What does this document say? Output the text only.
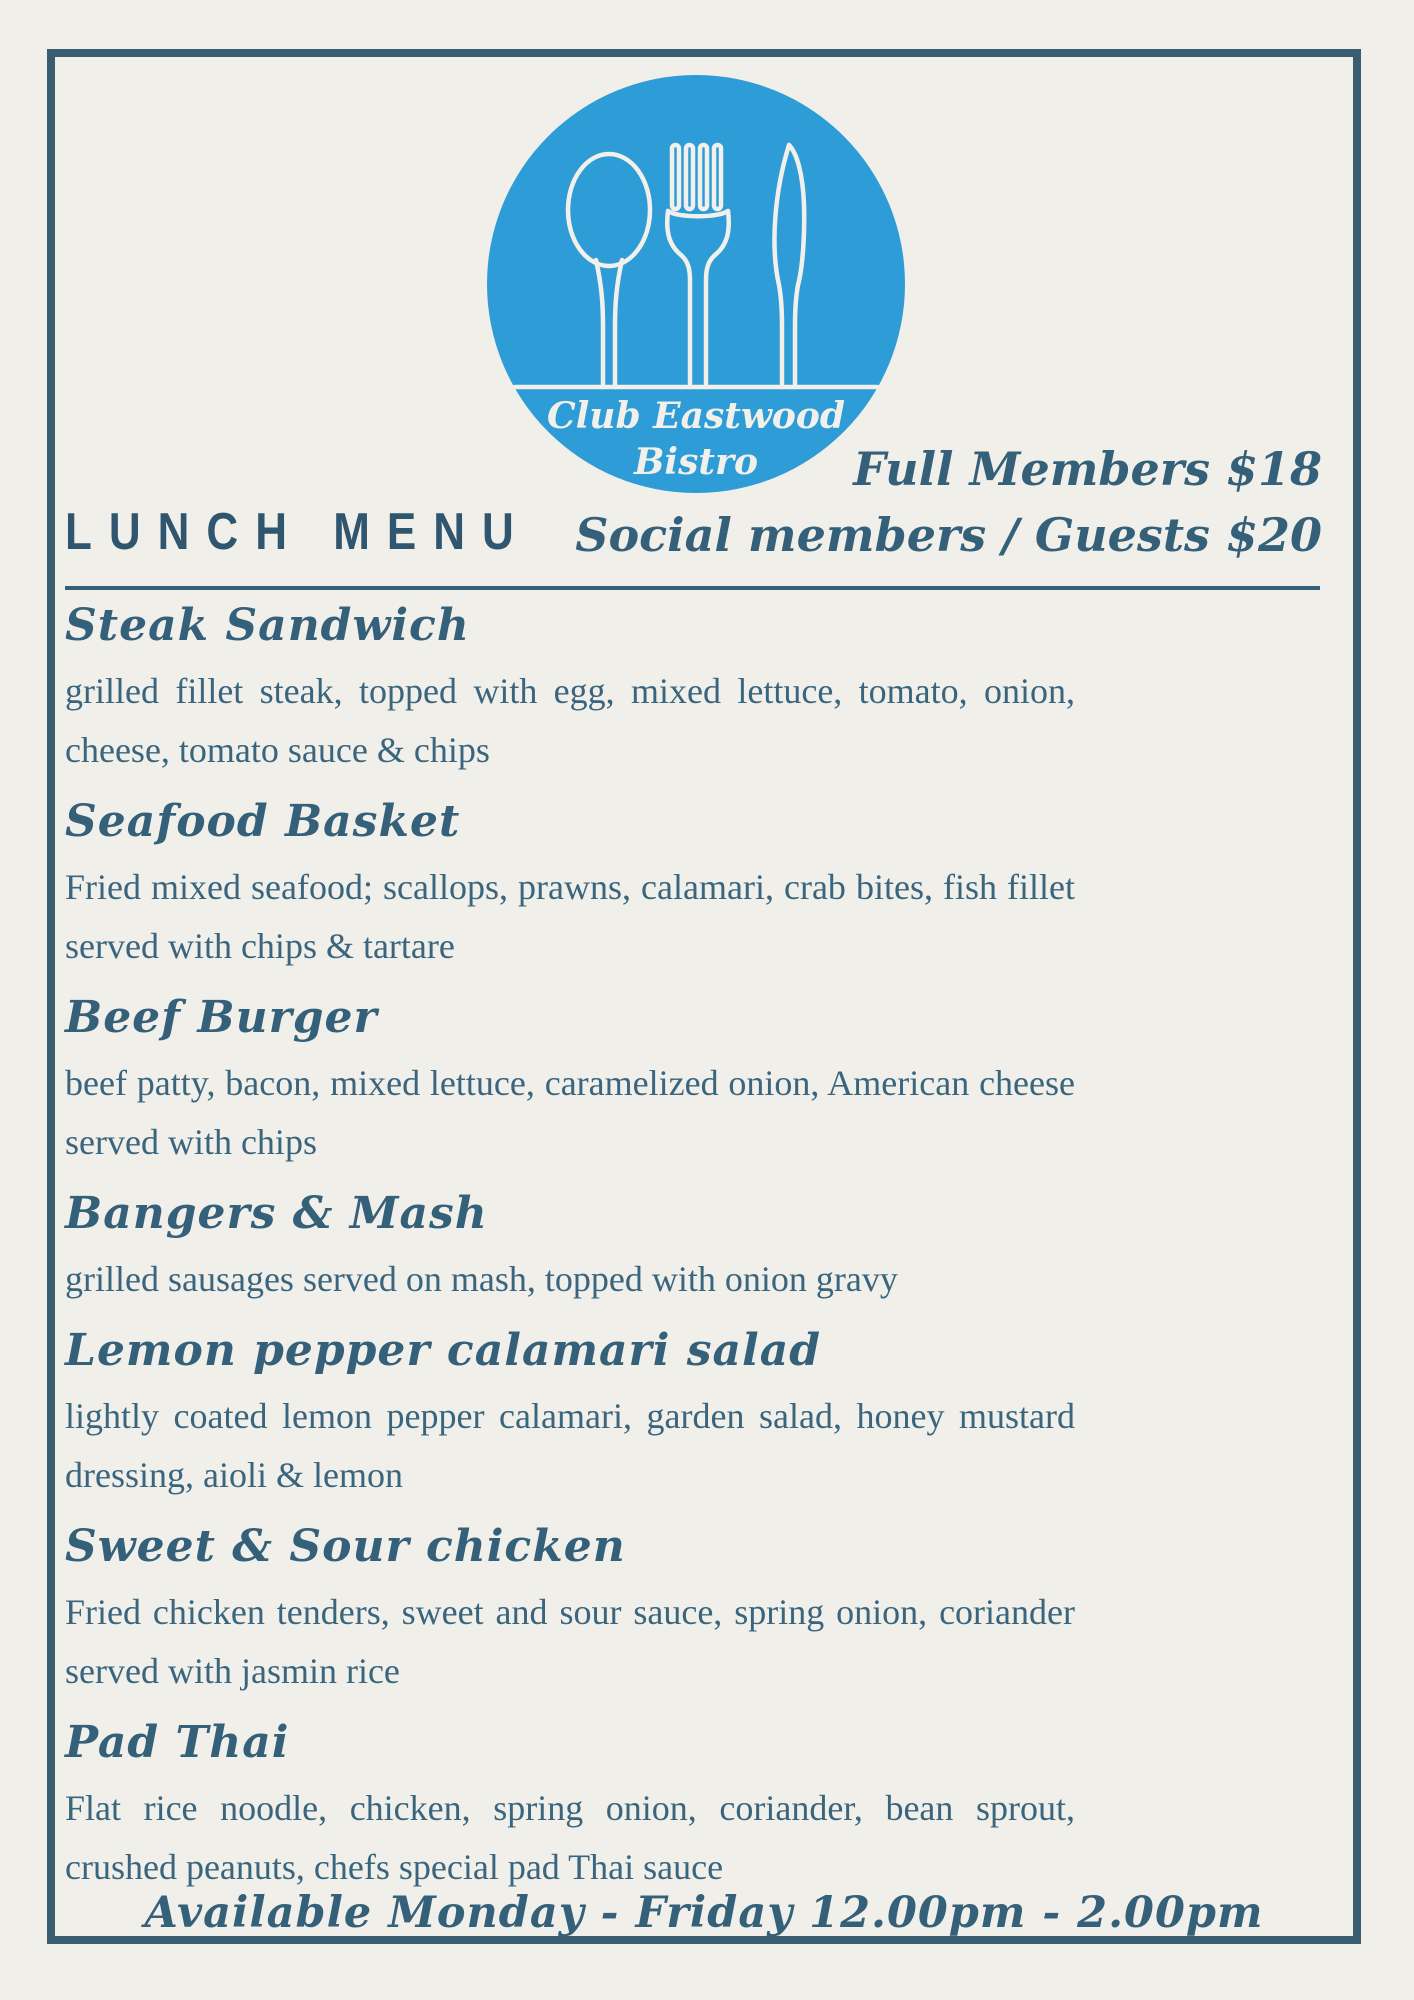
Club Eastwood
Bistro	Full Members $18
Social members / Guests $20
LUNCH MENU
Steak Sandwich

grilled fillet steak, topped with egg, mixed lettuce, tomato, onion, cheese, tomato sauce & chips

Seafood Basket

Fried mixed seafood; scallops, prawns, calamari, crab bites, fish fillet served with chips & tartare

Beef Burger

beef patty, bacon, mixed lettuce, caramelized onion, American cheese served with chips

Bangers & Mash

grilled sausages served on mash, topped with onion gravy

Lemon pepper calamari salad

lightly coated lemon pepper calamari, garden salad, honey mustard dressing, aioli & lemon

Sweet & Sour chicken

Fried chicken tenders, sweet and sour sauce, spring onion, coriander served with jasmin rice

Pad Thai

Flat rice noodle, chicken, spring onion, coriander, bean sprout, crushed peanuts, chefs special pad Thai sauce

Available Monday - Friday 12.00pm - 2.00pm
